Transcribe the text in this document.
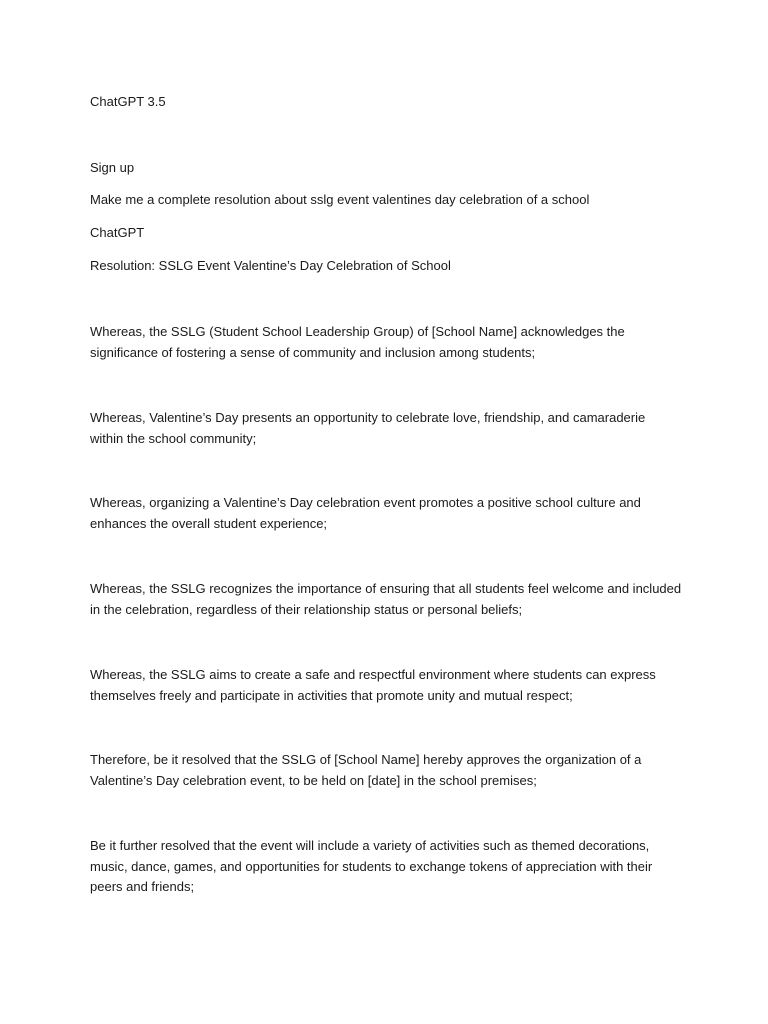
ChatGPT 3.5

Sign up

Make me a complete resolution about sslg event valentines day celebration of a school

ChatGPT

Resolution: SSLG Event Valentine’s Day Celebration of School

Whereas, the SSLG (Student School Leadership Group) of [School Name] acknowledges the significance of fostering a sense of community and inclusion among students;

Whereas, Valentine’s Day presents an opportunity to celebrate love, friendship, and camaraderie within the school community;

Whereas, organizing a Valentine’s Day celebration event promotes a positive school culture and enhances the overall student experience;

Whereas, the SSLG recognizes the importance of ensuring that all students feel welcome and included in the celebration, regardless of their relationship status or personal beliefs;

Whereas, the SSLG aims to create a safe and respectful environment where students can express themselves freely and participate in activities that promote unity and mutual respect;

Therefore, be it resolved that the SSLG of [School Name] hereby approves the organization of a Valentine’s Day celebration event, to be held on [date] in the school premises;

Be it further resolved that the event will include a variety of activities such as themed decorations, music, dance, games, and opportunities for students to exchange tokens of appreciation with their peers and friends;
